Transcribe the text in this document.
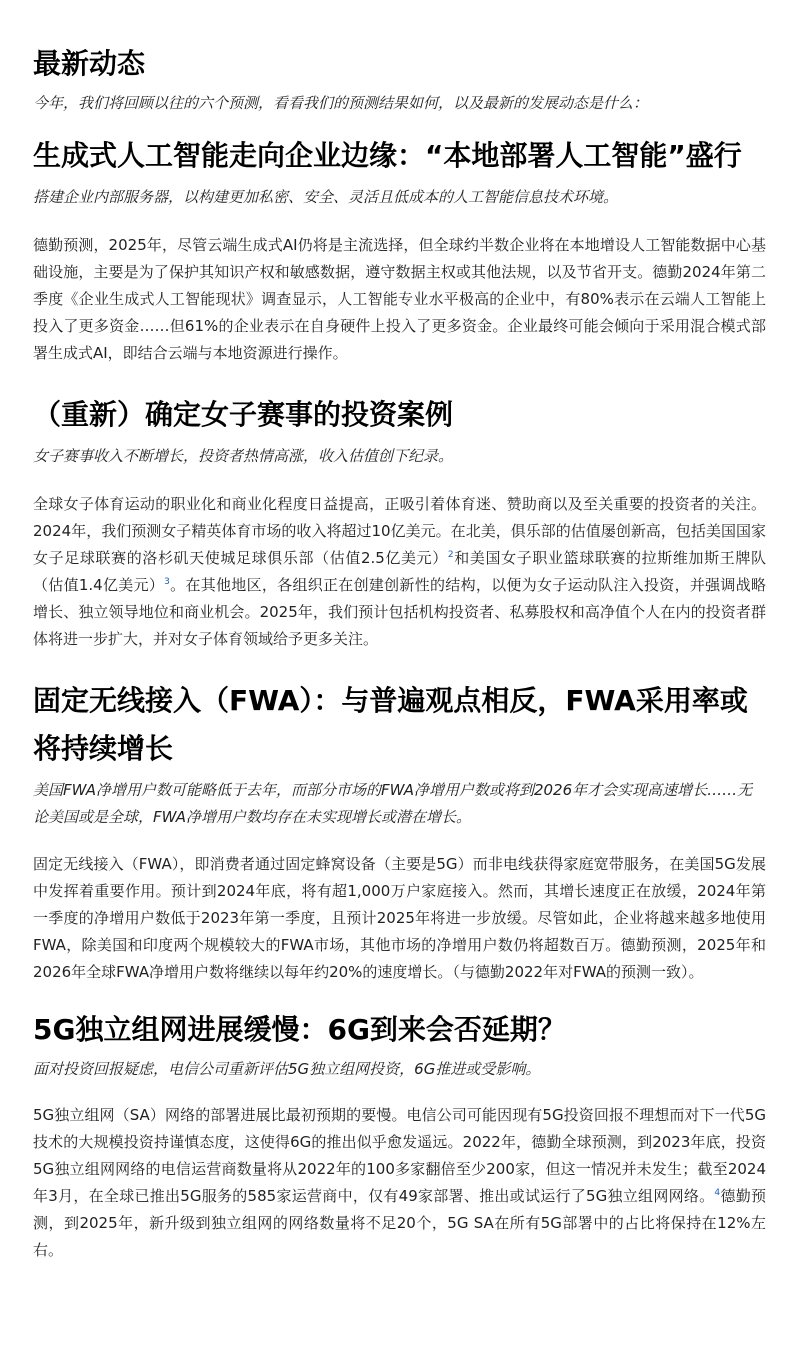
最新动态

今年，我们将回顾以往的六个预测，看看我们的预测结果如何，以及最新的发展动态是什么：

生成式人工智能走向企业边缘：“本地部署人工智能”盛行

搭建企业内部服务器，以构建更加私密、安全、灵活且低成本的人工智能信息技术环境。

德勤预测，2025年，尽管云端生成式AI仍将是主流选择，但全球约半数企业将在本地增设人工智能数据中心基础设施，主要是为了保护其知识产权和敏感数据，遵守数据主权或其他法规，以及节省开支。德勤2024年第二季度《企业生成式人工智能现状》调查显示，人工智能专业水平极高的企业中，有80%表示在云端人工智能上投入了更多资金……但61%的企业表示在自身硬件上投入了更多资金。企业最终可能会倾向于采用混合模式部署生成式AI，即结合云端与本地资源进行操作。

（重新）确定女子赛事的投资案例

女子赛事收入不断增长，投资者热情高涨，收入估值创下纪录。

全球女子体育运动的职业化和商业化程度日益提高，正吸引着体育迷、赞助商以及至关重要的投资者的关注。2024年，我们预测女子精英体育市场的收入将超过10亿美元。在北美，俱乐部的估值屡创新高，包括美国国家女子足球联赛的洛杉矶天使城足球俱乐部（估值2.5亿美元）$^2$和美国女子职业篮球联赛的拉斯维加斯王牌队（估值1.4亿美元）$^3$。在其他地区，各组织正在创建创新性的结构，以便为女子运动队注入投资，并强调战略增长、独立领导地位和商业机会。2025年，我们预计包括机构投资者、私募股权和高净值个人在内的投资者群体将进一步扩大，并对女子体育领域给予更多关注。

固定无线接入（FWA）：与普遍观点相反，FWA采用率或将持续增长

美国FWA净增用户数可能略低于去年，而部分市场的FWA净增用户数或将到2026年才会实现高速增长……无论美国或是全球，FWA净增用户数均存在未实现增长或潜在增长。

固定无线接入（FWA），即消费者通过固定蜂窝设备（主要是5G）而非电线获得家庭宽带服务，在美国5G发展中发挥着重要作用。预计到2024年底，将有超1,000万户家庭接入。然而，其增长速度正在放缓，2024年第一季度的净增用户数低于2023年第一季度，且预计2025年将进一步放缓。尽管如此，企业将越来越多地使用FWA，除美国和印度两个规模较大的FWA市场，其他市场的净增用户数仍将超数百万。德勤预测，2025年和2026年全球FWA净增用户数将继续以每年约20%的速度增长。（与德勤2022年对FWA的预测一致）。

5G独立组网进展缓慢：6G到来会否延期？

面对投资回报疑虑，电信公司重新评估5G独立组网投资，6G推进或受影响。

5G独立组网（SA）网络的部署进展比最初预期的要慢。电信公司可能因现有5G投资回报不理想而对下一代5G技术的大规模投资持谨慎态度，这使得6G的推出似乎愈发遥远。2022年，德勤全球预测，到2023年底，投资5G独立组网网络的电信运营商数量将从2022年的100多家翻倍至少200家，但这一情况并未发生；截至2024年3月，在全球已推出5G服务的585家运营商中，仅有49家部署、推出或试运行了5G独立组网网络。$^4$德勤预测，到2025年，新升级到独立组网的网络数量将不足20个，5G SA在所有5G部署中的占比将保持在12%左右。
